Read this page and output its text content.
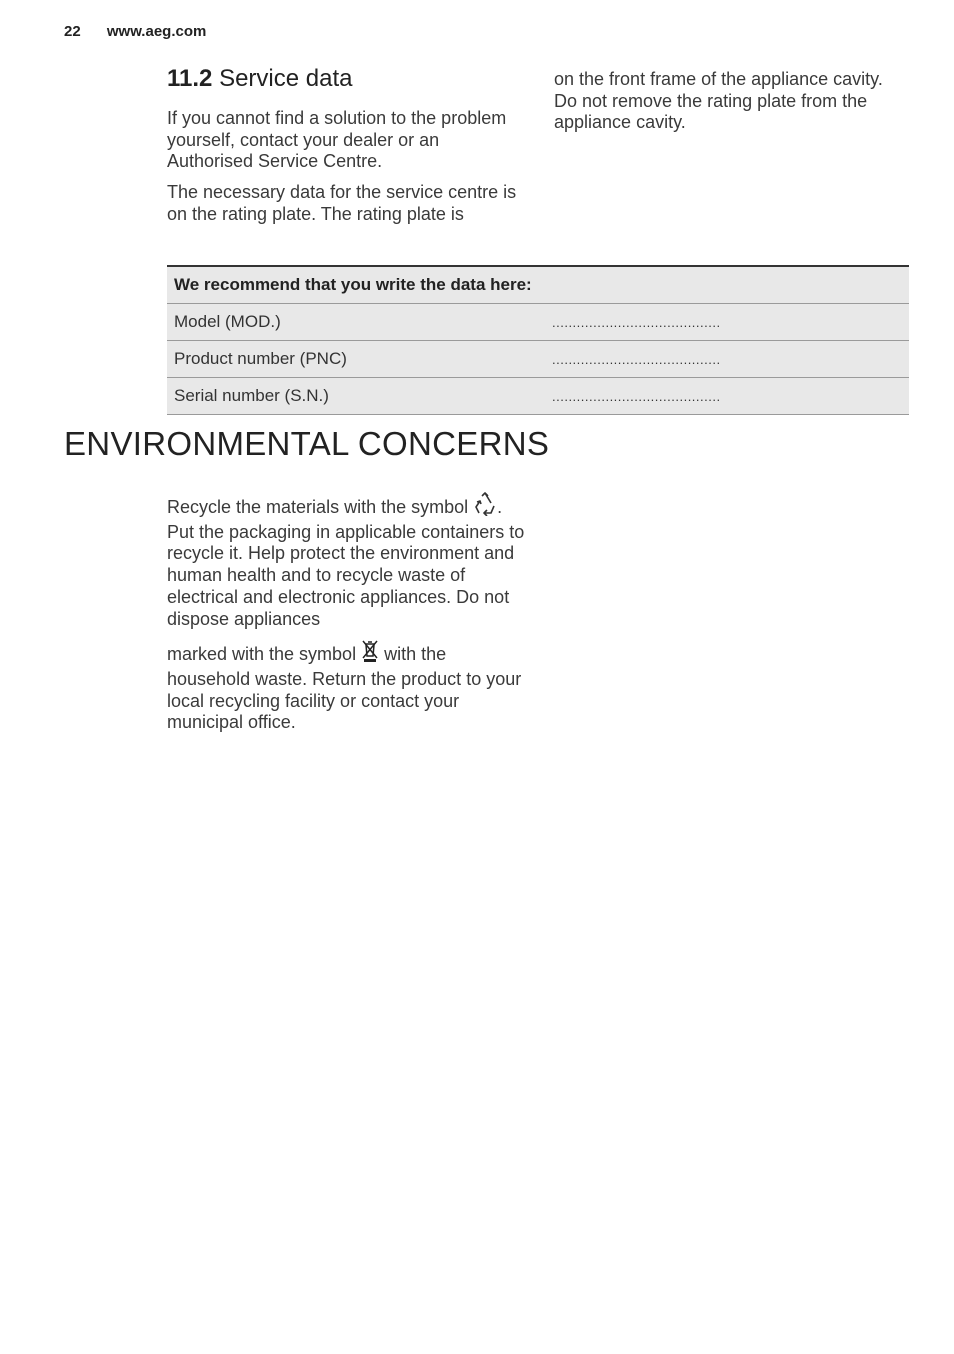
22 www.aeg.com
11.2 Service data

If you cannot find a solution to the problem yourself, contact your dealer or an Authorised Service Centre.

The necessary data for the service centre is on the rating plate. The rating plate is

on the front frame of the appliance cavity. Do not remove the rating plate from the appliance cavity.

We recommend that you write the data here:	
Model (MOD.)	.........................................
Product number (PNC)	.........................................
Serial number (S.N.)	.........................................
ENVIRONMENTAL CONCERNS

Recycle the materials with the symbol . Put the packaging in applicable containers to recycle it. Help protect the environment and human health and to recycle waste of electrical and electronic appliances. Do not dispose appliances

marked with the symbol  with the household waste. Return the product to your local recycling facility or contact your municipal office.
